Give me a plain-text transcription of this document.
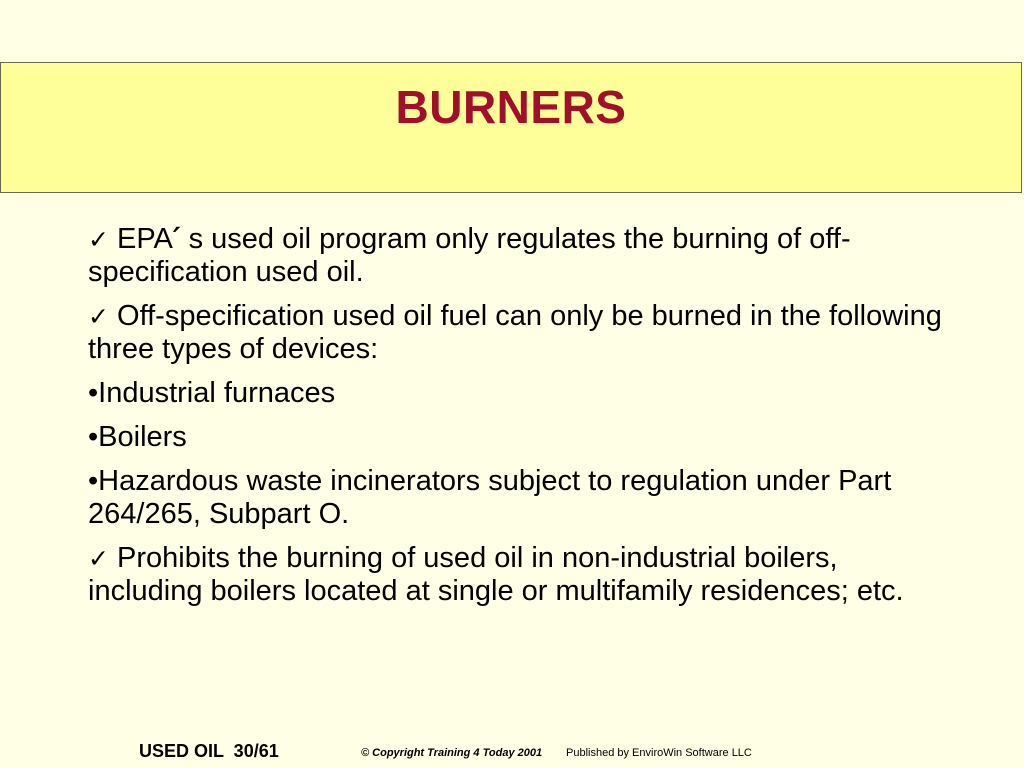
BURNERS

✓ EPA′ s used oil program only regulates the burning of off-specification used oil.

✓ Off-specification used oil fuel can only be burned in the following three types of devices:

•Industrial furnaces

•Boilers

•Hazardous waste incinerators subject to regulation under Part 264/265, Subpart O.

✓ Prohibits the burning of used oil in non-industrial boilers, including boilers located at single or multifamily residences; etc.

USED OIL  30/61	© Copyright Training 4 Today 2001 Published by EnviroWin Software LLC
